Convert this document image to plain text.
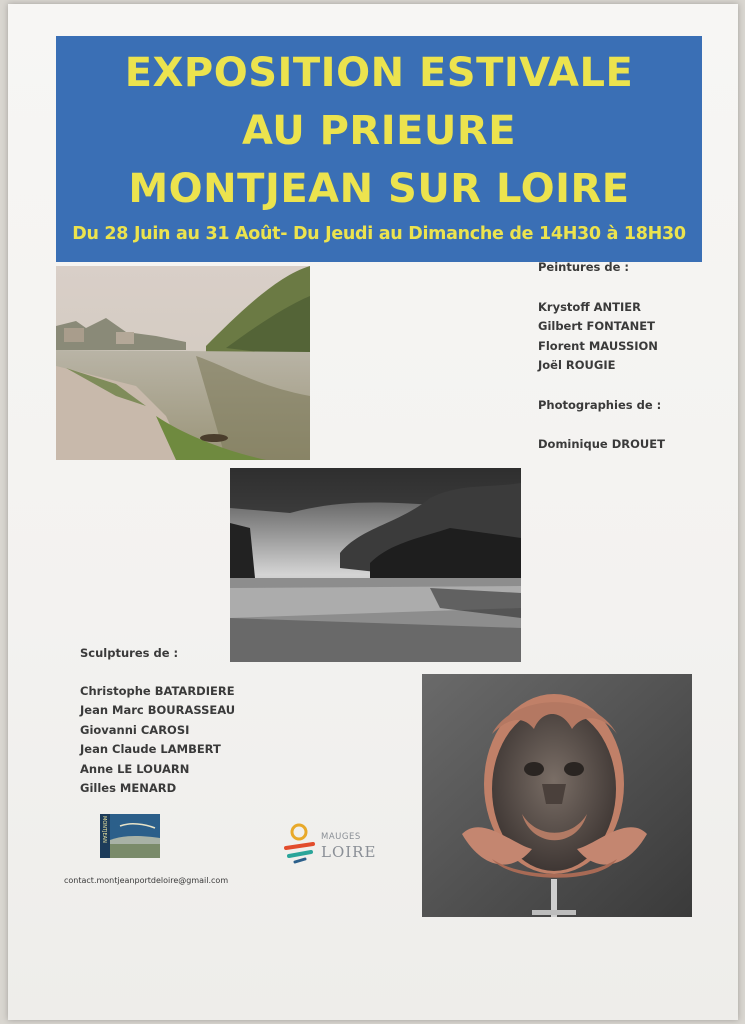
EXPOSITION ESTIVALE
AU PRIEURE
MONTJEAN SUR LOIRE
Du 28 Juin au 31 Août- Du Jeudi au Dimanche de 14H30 à 18H30
Peintures de :
Krystoff ANTIER
Gilbert FONTANET
Florent MAUSSION
Joël ROUGIE
Photographies de :
Dominique DROUET
Sculptures de :
Christophe BATARDIERE
Jean Marc BOURASSEAU
Giovanni CAROSI
Jean Claude LAMBERT
Anne LE LOUARN
Gilles MENARD
MONTJEAN
contact.montjeanportdeloire@gmail.com
MAUGES
LOIRE
